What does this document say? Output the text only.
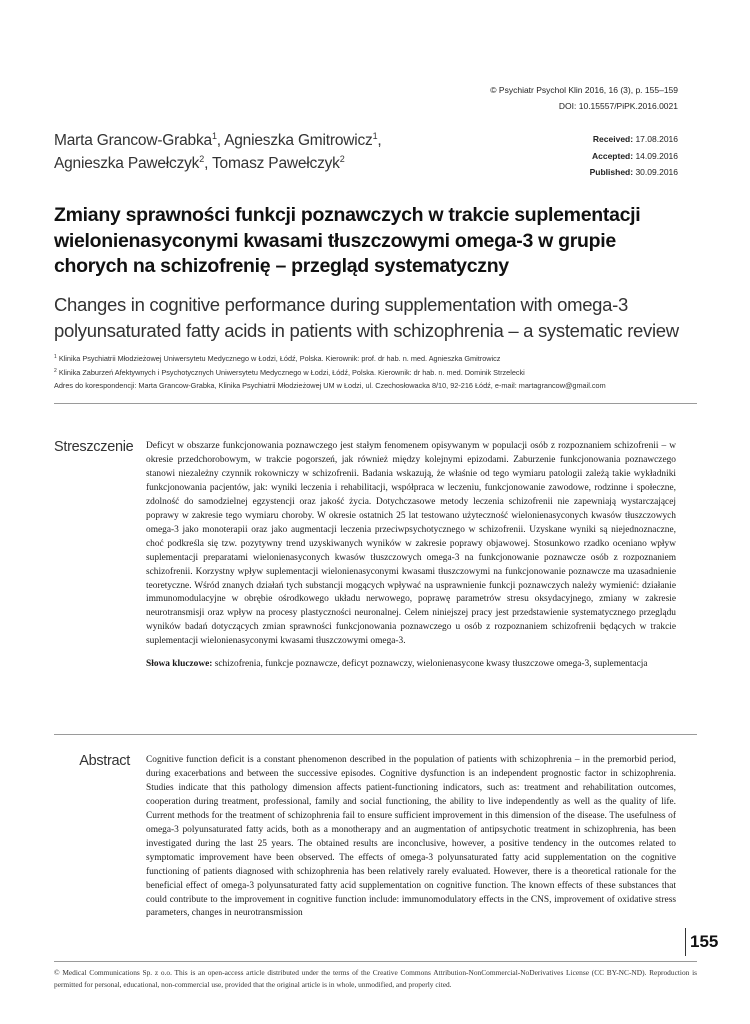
© Psychiatr Psychol Klin 2016, 16 (3), p. 155–159
DOI: 10.15557/PiPK.2016.0021
Received: 17.08.2016
Accepted: 14.09.2016
Published: 30.09.2016
Marta Grancow-Grabka$^1$, Agnieszka Gmitrowicz$^1$,
Agnieszka Pawełczyk$^2$, Tomasz Pawełczyk$^2$
Zmiany sprawności funkcji poznawczych w trakcie suplementacji wielonienasyconymi kwasami tłuszczowymi omega-3 w grupie chorych na schizofrenię – przegląd systematyczny
Changes in cognitive performance during supplementation with omega-3 polyunsaturated fatty acids in patients with schizophrenia – a systematic review
$^1$ Klinika Psychiatrii Młodzieżowej Uniwersytetu Medycznego w Łodzi, Łódź, Polska. Kierownik: prof. dr hab. n. med. Agnieszka Gmitrowicz
$^2$ Klinika Zaburzeń Afektywnych i Psychotycznych Uniwersytetu Medycznego w Łodzi, Łódź, Polska. Kierownik: dr hab. n. med. Dominik Strzelecki
Adres do korespondencji: Marta Grancow-Grabka, Klinika Psychiatrii Młodzieżowej UM w Łodzi, ul. Czechosłowacka 8/10, 92-216 Łódź, e-mail: martagrancow@gmail.com
Streszczenie Deficyt w obszarze funkcjonowania poznawczego jest stałym fenomenem opisywanym w populacji osób z rozpoznaniem schizofrenii – w okresie przedchorobowym, w trakcie pogorszeń, jak również między kolejnymi epizodami. Zaburzenie funkcjonowania poznawczego stanowi niezależny czynnik rokowniczy w schizofrenii. Badania wskazują, że właśnie od tego wymiaru patologii zależą takie wykładniki funkcjonowania pacjentów, jak: wyniki leczenia i rehabilitacji, współpraca w leczeniu, funkcjonowanie zawodowe, rodzinne i społeczne, zdolność do samodzielnej egzystencji oraz jakość życia. Dotychczasowe metody leczenia schizofrenii nie zapewniają wystarczającej poprawy w zakresie tego wymiaru choroby. W okresie ostatnich 25 lat testowano użyteczność wielonienasyconych kwasów tłuszczowych omega-3 jako monoterapii oraz jako augmentacji leczenia przeciwpsychotycznego w schizofrenii. Uzyskane wyniki są niejednoznaczne, choć podkreśla się tzw. pozytywny trend uzyskiwanych wyników w zakresie poprawy objawowej. Stosunkowo rzadko oceniano wpływ suplementacji preparatami wielonienasyconych kwasów tłuszczowych omega-3 na funkcjonowanie poznawcze osób z rozpoznaniem schizofrenii. Korzystny wpływ suplementacji wielonienasyconymi kwasami tłuszczowymi na funkcjonowanie poznawcze ma uzasadnienie teoretyczne. Wśród znanych działań tych substancji mogących wpływać na usprawnienie funkcji poznawczych należy wymienić: działanie immunomodulacyjne w obrębie ośrodkowego układu nerwowego, poprawę parametrów stresu oksydacyjnego, zmiany w zakresie neurotransmisji oraz wpływ na procesy plastyczności neuronalnej. Celem niniejszej pracy jest przedstawienie systematycznego przeglądu wyników badań dotyczących zmian sprawności funkcjonowania poznawczego u osób z rozpoznaniem schizofrenii będących w trakcie suplementacji wielonienasyconymi kwasami tłuszczowymi omega-3.

Słowa kluczowe: schizofrenia, funkcje poznawcze, deficyt poznawczy, wielonienasycone kwasy tłuszczowe omega-3, suplementacja

Abstract Cognitive function deficit is a constant phenomenon described in the population of patients with schizophrenia – in the premorbid period, during exacerbations and between the successive episodes. Cognitive dysfunction is an independent prognostic factor in schizophrenia. Studies indicate that this pathology dimension affects patient-functioning indicators, such as: treatment and rehabilitation outcomes, cooperation during treatment, professional, family and social functioning, the ability to live independently as well as the quality of life. Current methods for the treatment of schizophrenia fail to ensure sufficient improvement in this dimension of the disease. The usefulness of omega-3 polyunsaturated fatty acids, both as a monotherapy and an augmentation of antipsychotic treatment in schizophrenia, has been investigated during the last 25 years. The obtained results are inconclusive, however, a positive tendency in the outcomes related to symptomatic improvement have been observed. The effects of omega-3 polyunsaturated fatty acid supplementation on the cognitive functioning of patients diagnosed with schizophrenia has been relatively rarely evaluated. However, there is a theoretical rationale for the beneficial effect of omega-3 polyunsaturated fatty acid supplementation on cognitive function. The known effects of these substances that could contribute to the improvement in cognitive function include: immunomodulatory effects in the CNS, improvement of oxidative stress parameters, changes in neurotransmission

155
© Medical Communications Sp. z o.o. This is an open-access article distributed under the terms of the Creative Commons Attribution-NonCommercial-NoDerivatives License (CC BY-NC-ND). Reproduction is permitted for personal, educational, non-commercial use, provided that the original article is in whole, unmodified, and properly cited.
